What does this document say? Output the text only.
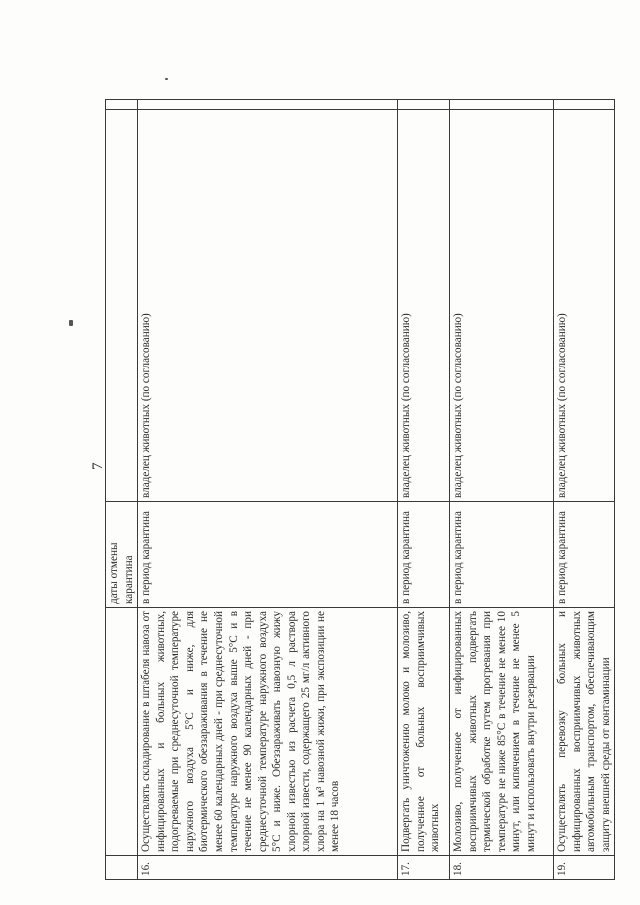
7
		даты отмены карантина		
16.	Осуществлять складирование в штабеля навоза от инфицированных и больных животных, подогреваемые при среднесуточной температуре наружного воздуха 5°С и ниже, для биотермического обеззараживания в течение не менее 60 календарных дней - при среднесуточной температуре наружного воздуха выше 5°С и в течение не менее 90 календарных дней - при среднесуточной температуре наружного воздуха 5°С и ниже. Обеззараживать навозную жижу хлорной известью из расчета 0,5 л раствора хлорной извести, содержащего 25 мг/л активного хлора на 1 м³ навозной жижи, при экспозиции не менее 18 часов	в период карантина	владелец животных (по согласованию)	
17.	Подвергать уничтожению молоко и молозиво, полученное от больных восприимчивых животных	в период карантина	владелец животных (по согласованию)	
18.	Молозиво, полученное от инфицированных восприимчивых животных подвергать термической обработке путем прогревания при температуре не ниже 85°С в течение не менее 10 минут, или кипячением в течение не менее 5 минут и использовать внутри резервации	в период карантина	владелец животных (по согласованию)	
19.	Осуществлять перевозку больных и инфицированных восприимчивых животных автомобильным транспортом, обеспечивающим защиту внешней среды от контаминации	в период карантина	владелец животных (по согласованию)	
